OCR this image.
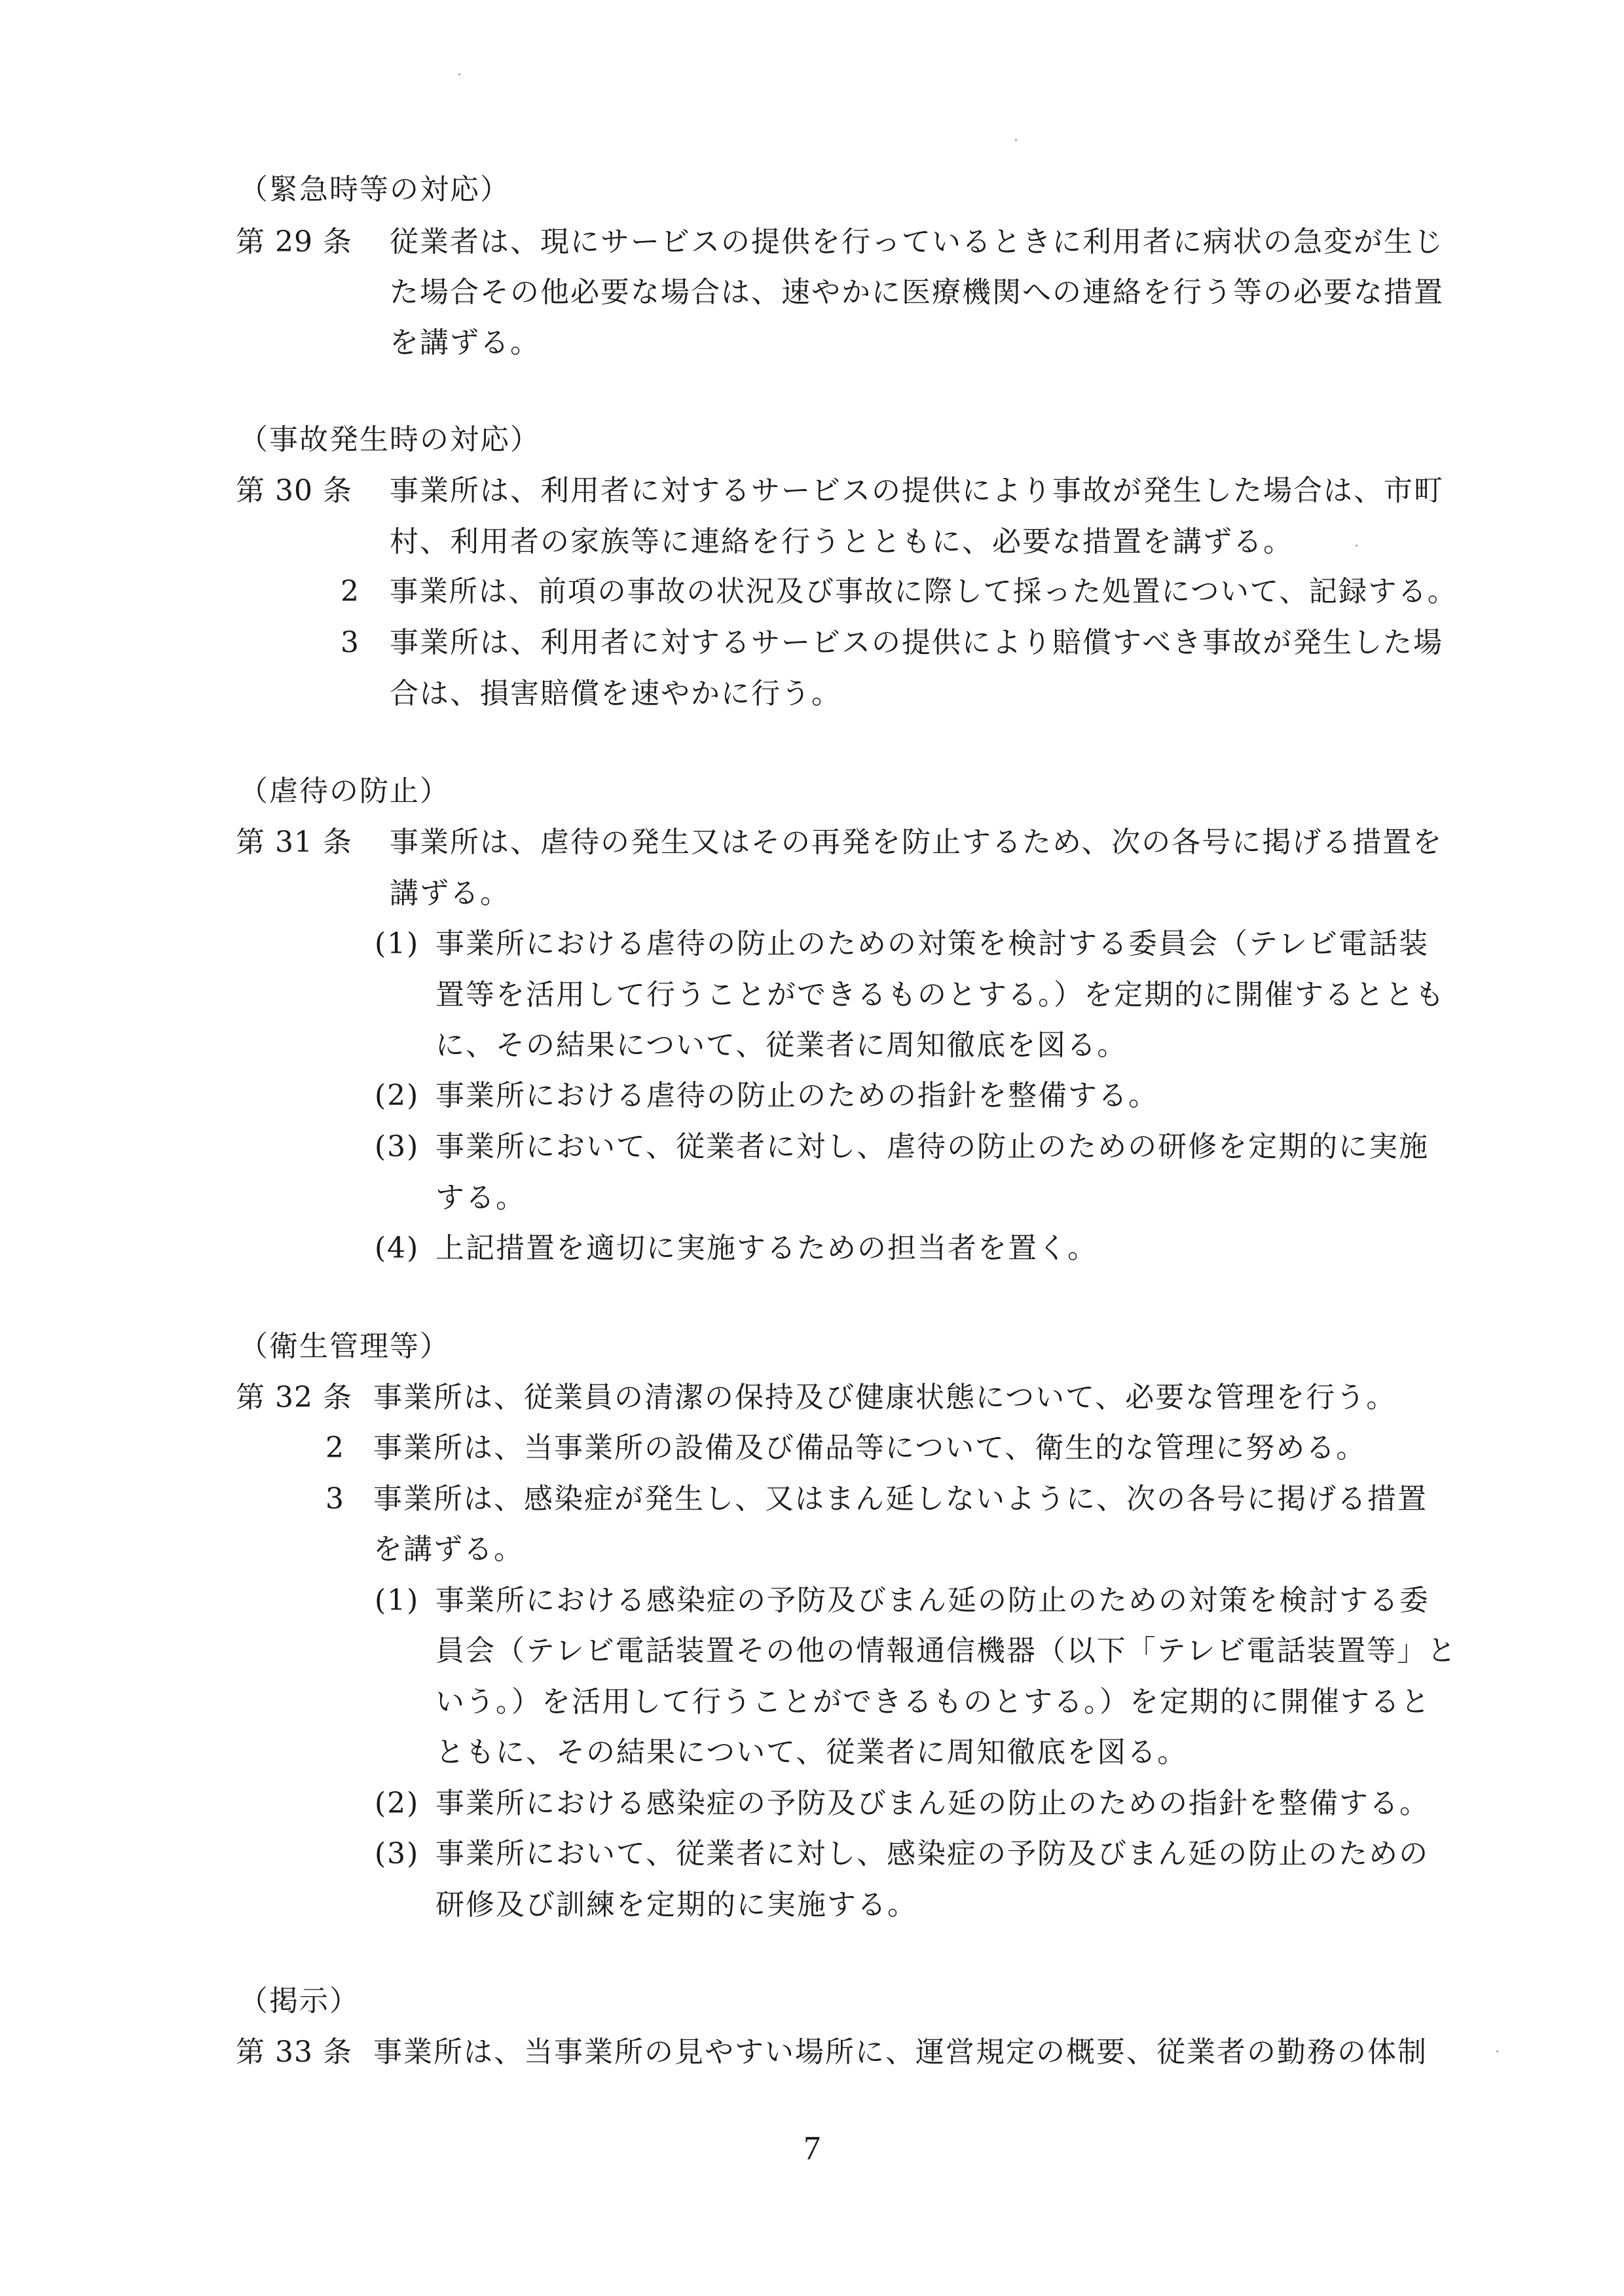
（緊急時等の対応）
第 29 条 従業者は、現にサービスの提供を行っているときに利用者に病状の急変が生じ
た場合その他必要な場合は、速やかに医療機関への連絡を行う等の必要な措置
を講ずる。
（事故発生時の対応）
第 30 条 事業所は、利用者に対するサービスの提供により事故が発生した場合は、市町
村、利用者の家族等に連絡を行うとともに、必要な措置を講ずる。
2 事業所は、前項の事故の状況及び事故に際して採った処置について、記録する。
3 事業所は、利用者に対するサービスの提供により賠償すべき事故が発生した場
合は、損害賠償を速やかに行う。
（虐待の防止）
第 31 条 事業所は、虐待の発生又はその再発を防止するため、次の各号に掲げる措置を
講ずる。
(1) 事業所における虐待の防止のための対策を検討する委員会（テレビ電話装
置等を活用して行うことができるものとする。）を定期的に開催するととも
に、その結果について、従業者に周知徹底を図る。
(2) 事業所における虐待の防止のための指針を整備する。
(3) 事業所において、従業者に対し、虐待の防止のための研修を定期的に実施
する。
(4) 上記措置を適切に実施するための担当者を置く。
（衛生管理等）
第 32 条 事業所は、従業員の清潔の保持及び健康状態について、必要な管理を行う。
2 事業所は、当事業所の設備及び備品等について、衛生的な管理に努める。
3 事業所は、感染症が発生し、又はまん延しないように、次の各号に掲げる措置
を講ずる。
(1) 事業所における感染症の予防及びまん延の防止のための対策を検討する委
員会（テレビ電話装置その他の情報通信機器（以下「テレビ電話装置等」と
いう。）を活用して行うことができるものとする。）を定期的に開催すると
ともに、その結果について、従業者に周知徹底を図る。
(2) 事業所における感染症の予防及びまん延の防止のための指針を整備する。
(3) 事業所において、従業者に対し、感染症の予防及びまん延の防止のための
研修及び訓練を定期的に実施する。
（掲示）
第 33 条 事業所は、当事業所の見やすい場所に、運営規定の概要、従業者の勤務の体制
7
